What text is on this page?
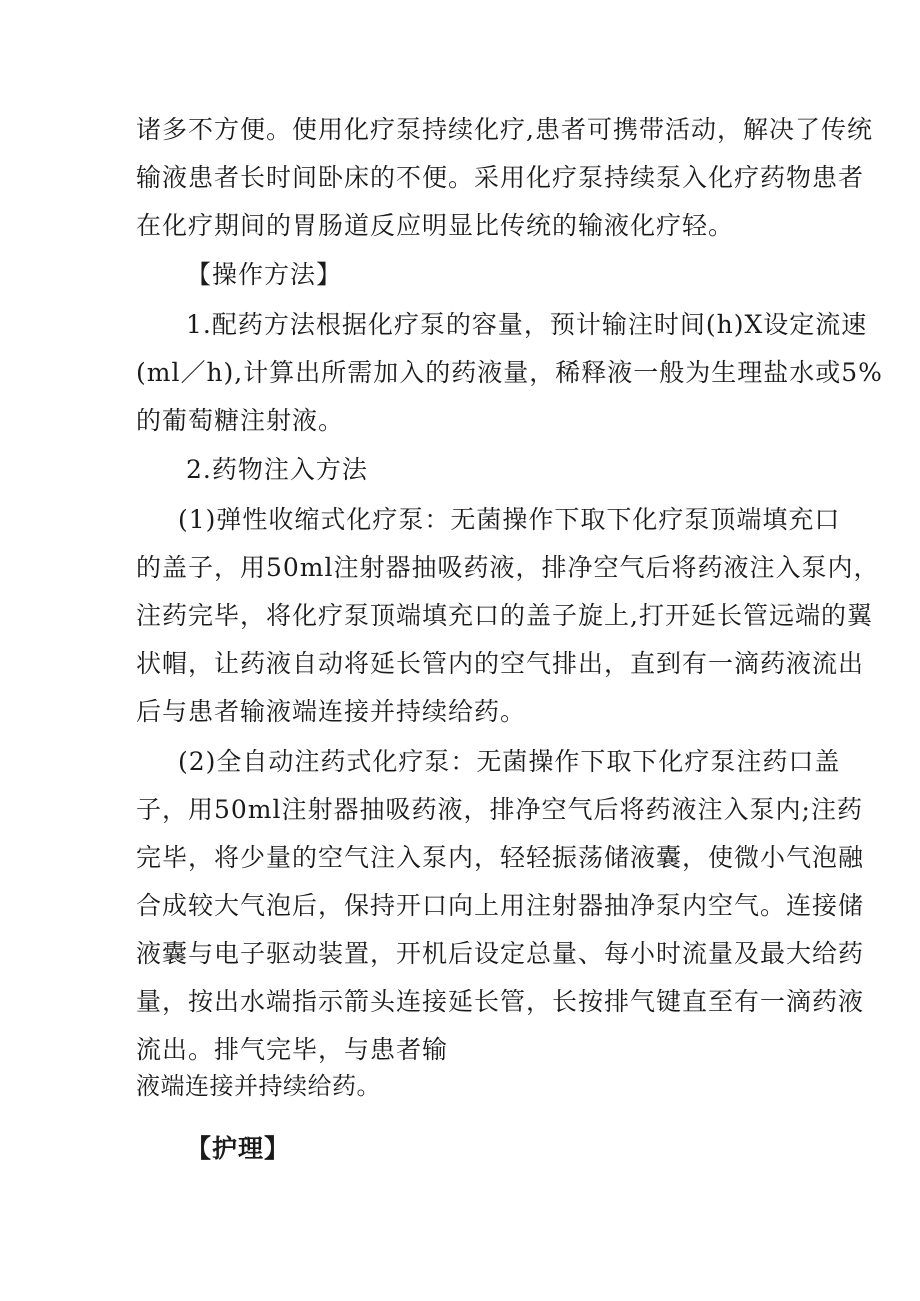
诸多不方便。使用化疗泵持续化疗,患者可携带活动，解决了传统
输液患者长时间卧床的不便。采用化疗泵持续泵入化疗药物患者
在化疗期间的胃肠道反应明显比传统的输液化疗轻。
【操作方法】
1.配药方法根据化疗泵的容量，预计输注时间(h)X设定流速
(ml／h),计算出所需加入的药液量，稀释液一般为生理盐水或5%
的葡萄糖注射液。
2.药物注入方法
(1)弹性收缩式化疗泵：无菌操作下取下化疗泵顶端填充口
的盖子，用50ml注射器抽吸药液，排净空气后将药液注入泵内，
注药完毕，将化疗泵顶端填充口的盖子旋上,打开延长管远端的翼
状帽，让药液自动将延长管内的空气排出，直到有一滴药液流出
后与患者输液端连接并持续给药。
(2)全自动注药式化疗泵：无菌操作下取下化疗泵注药口盖
子，用50ml注射器抽吸药液，排净空气后将药液注入泵内;注药
完毕，将少量的空气注入泵内，轻轻振荡储液囊，使微小气泡融
合成较大气泡后，保持开口向上用注射器抽净泵内空气。连接储
液囊与电子驱动装置，开机后设定总量、每小时流量及最大给药
量，按出水端指示箭头连接延长管，长按排气键直至有一滴药液
流出。排气完毕，与患者输
液端连接并持续给药。
【护理】
